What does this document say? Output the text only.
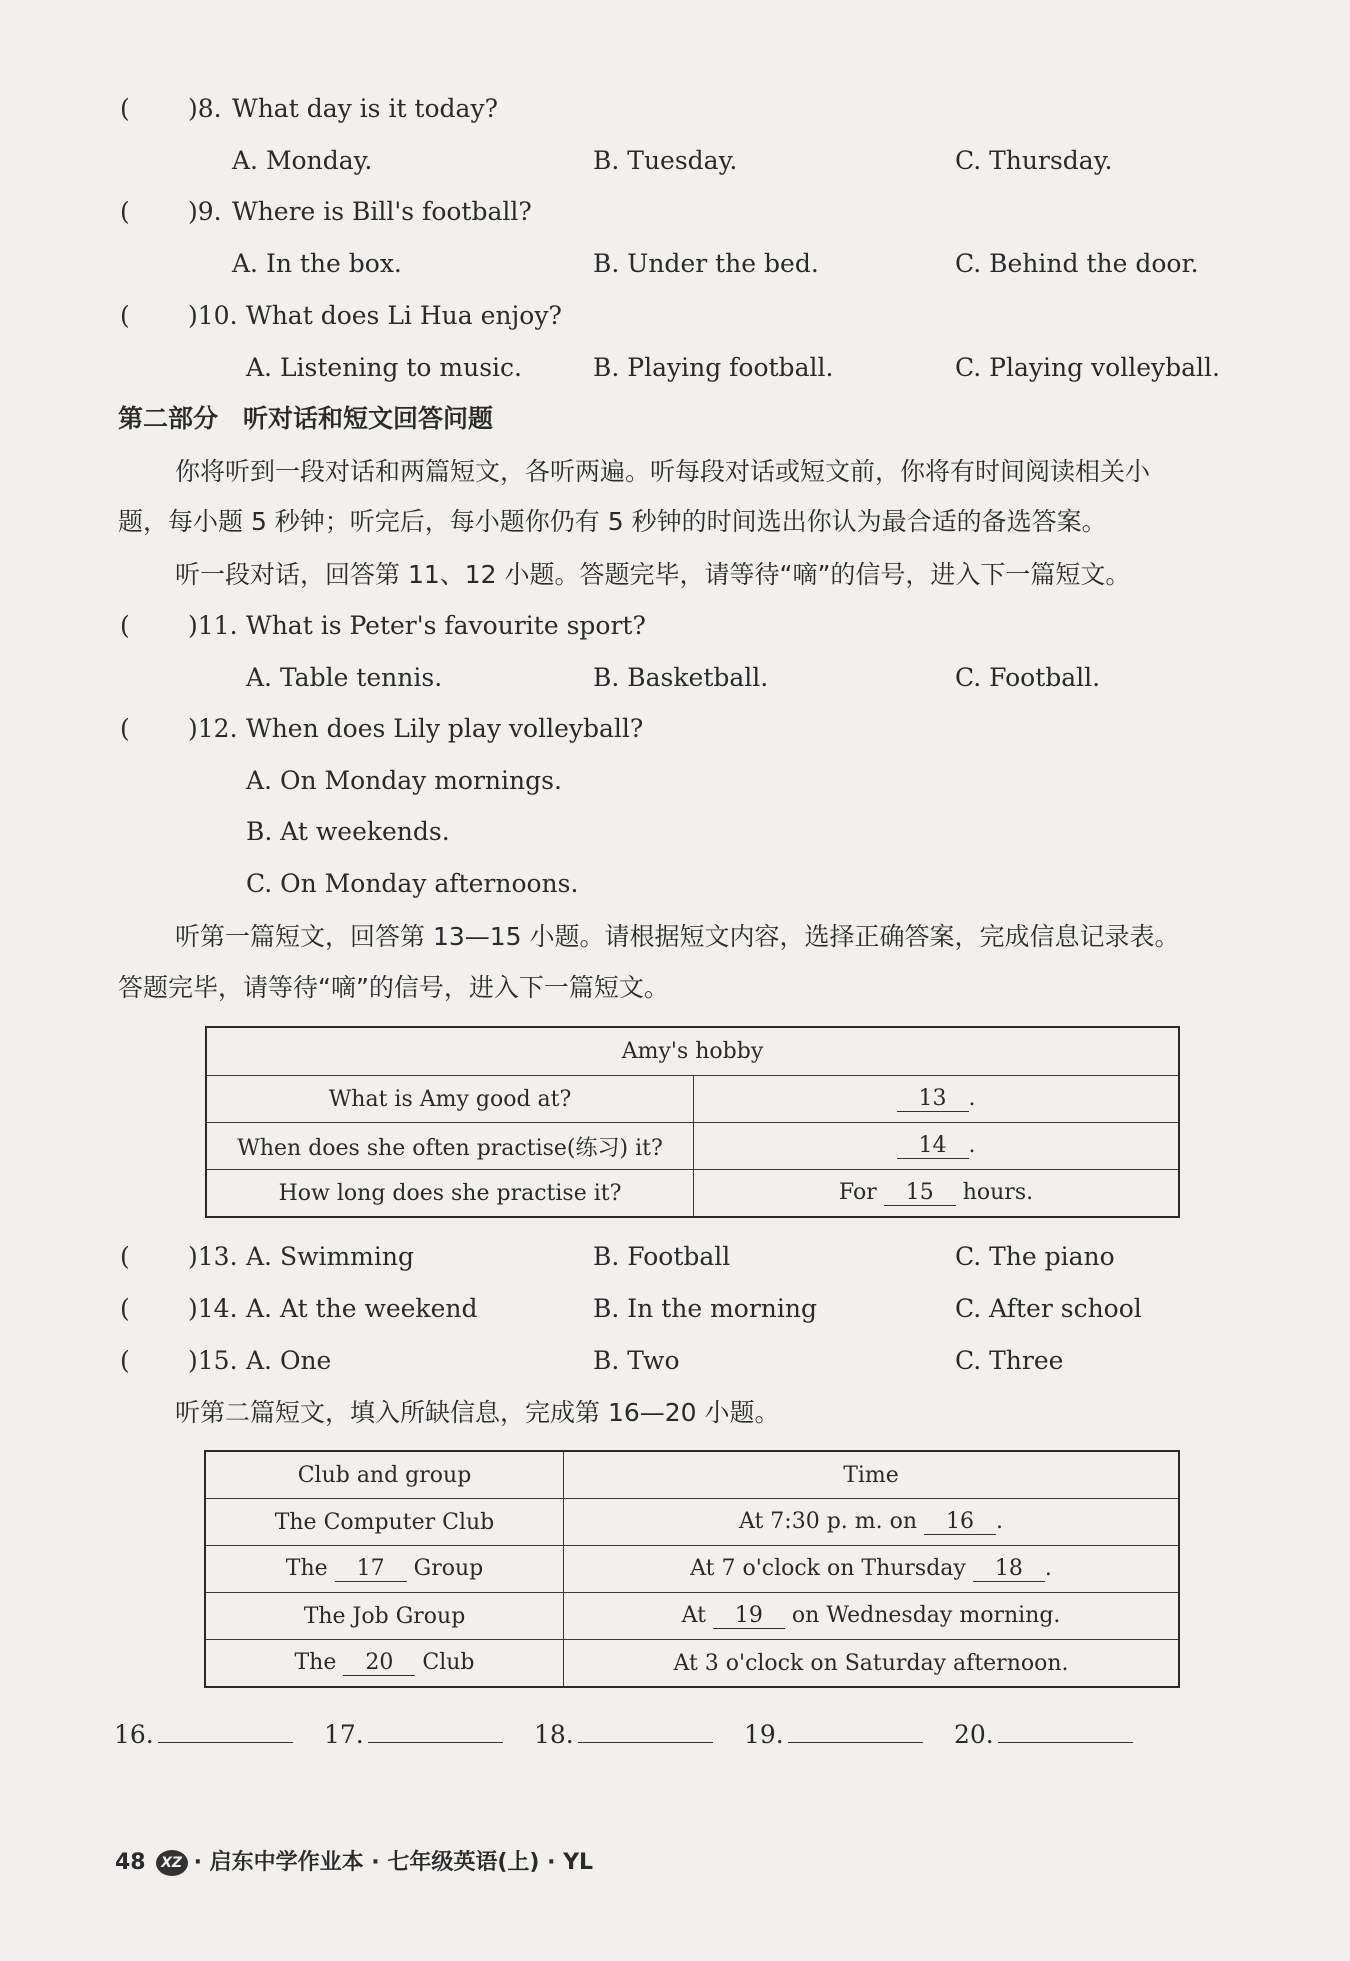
( )8. What day is it today?
A. Monday.	B. Tuesday.	C. Thursday.
( )9. Where is Bill's football?
A. In the box.	B. Under the bed.	C. Behind the door.
( )10. What does Li Hua enjoy?
A. Listening to music.	B. Playing football.	C. Playing volleyball.
第二部分　听对话和短文回答问题
你将听到一段对话和两篇短文，各听两遍。听每段对话或短文前，你将有时间阅读相关小
题，每小题 5 秒钟；听完后，每小题你仍有 5 秒钟的时间选出你认为最合适的备选答案。
听一段对话，回答第 11、12 小题。答题完毕，请等待“嘀”的信号，进入下一篇短文。
( )11. What is Peter's favourite sport?
A. Table tennis.	B. Basketball.	C. Football.
( )12. When does Lily play volleyball?
A. On Monday mornings.
B. At weekends.
C. On Monday afternoons.
听第一篇短文，回答第 13—15 小题。请根据短文内容，选择正确答案，完成信息记录表。
答题完毕，请等待“嘀”的信号，进入下一篇短文。
Amy's hobby	
What is Amy good at?	13 .
When does she often practise(练习) it?	14 .
How long does she practise it?	For 15 hours.
( )13. A. Swimming	B. Football	C. The piano
( )14. A. At the weekend	B. In the morning	C. After school
( )15. A. One	B. Two	C. Three
听第二篇短文，填入所缺信息，完成第 16—20 小题。
Club and group	Time
The Computer Club	At 7:30 p. m. on 16 .
The 17 Group	At 7 o'clock on Thursday 18 .
The Job Group	At 19 on Wednesday morning.
The 20 Club	At 3 o'clock on Saturday afternoon.
16.	17.	18.	19.	20.
48 XZ · 启东中学作业本 · 七年级英语(上) · YL
